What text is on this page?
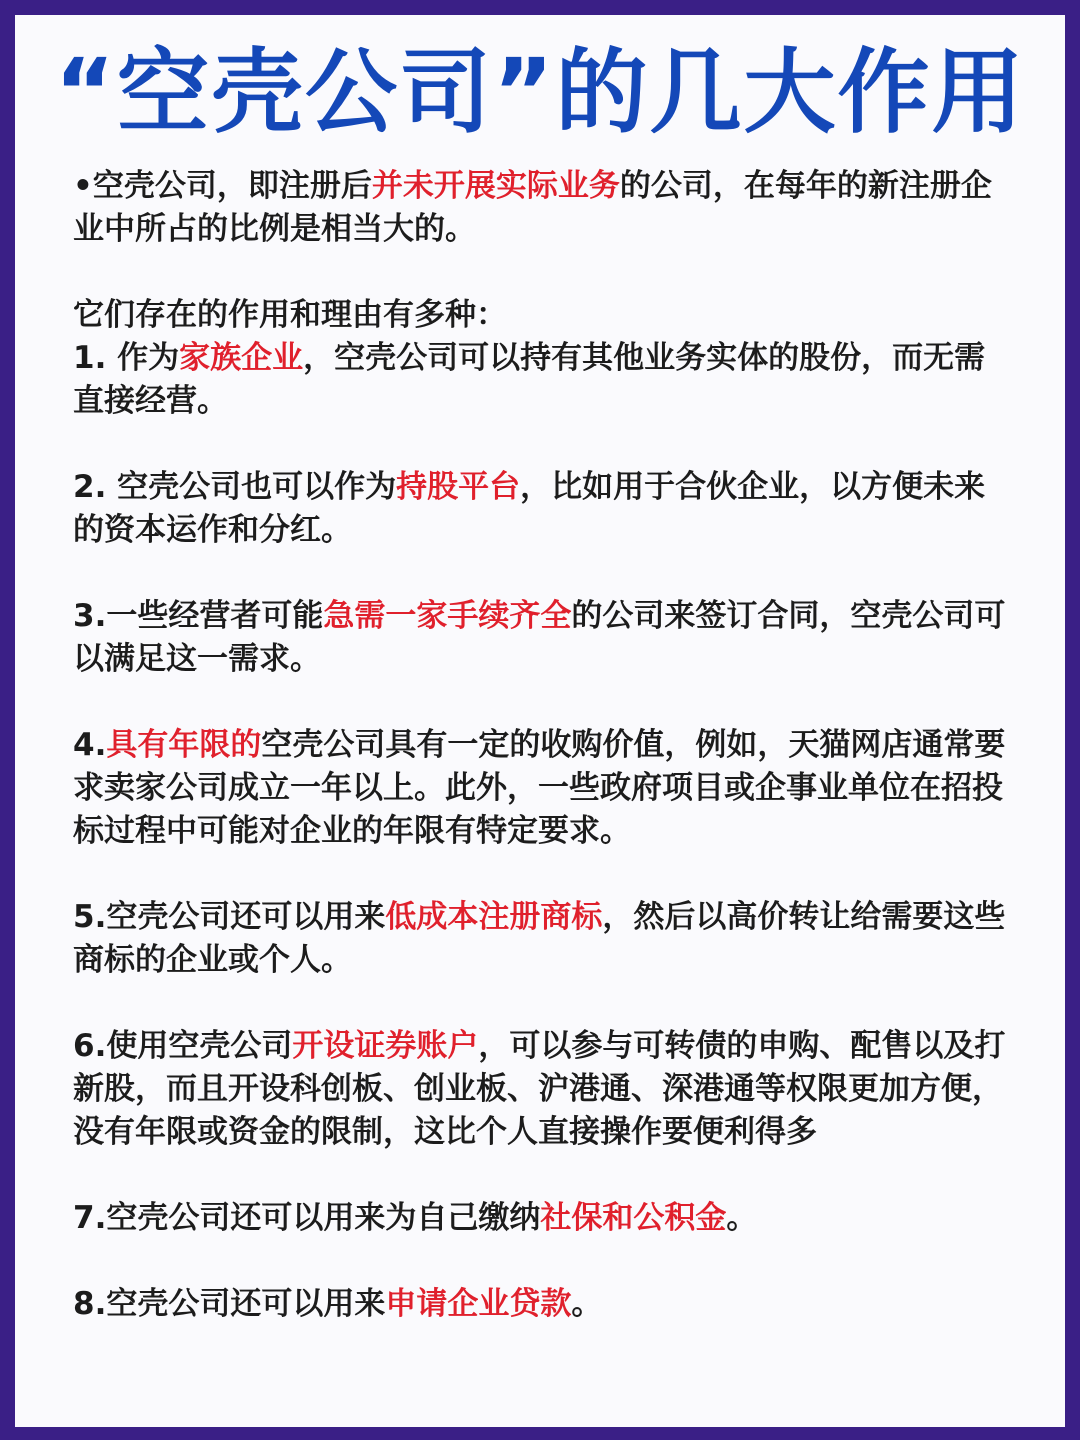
“空壳公司”的几大作用

•空壳公司，即注册后并未开展实际业务的公司，在每年的新注册企业中所占的比例是相当大的。

它们存在的作用和理由有多种：

1. 作为家族企业，空壳公司可以持有其他业务实体的股份，而无需直接经营。

2. 空壳公司也可以作为持股平台，比如用于合伙企业，以方便未来的资本运作和分红。

3.一些经营者可能急需一家手续齐全的公司来签订合同，空壳公司可以满足这一需求。

4.具有年限的空壳公司具有一定的收购价值，例如，天猫网店通常要求卖家公司成立一年以上。此外，一些政府项目或企事业单位在招投标过程中可能对企业的年限有特定要求。

5.空壳公司还可以用来低成本注册商标，然后以高价转让给需要这些商标的企业或个人。

6.使用空壳公司开设证券账户，可以参与可转债的申购、配售以及打新股，而且开设科创板、创业板、沪港通、深港通等权限更加方便，没有年限或资金的限制，这比个人直接操作要便利得多

7.空壳公司还可以用来为自己缴纳社保和公积金。

8.空壳公司还可以用来申请企业贷款。
